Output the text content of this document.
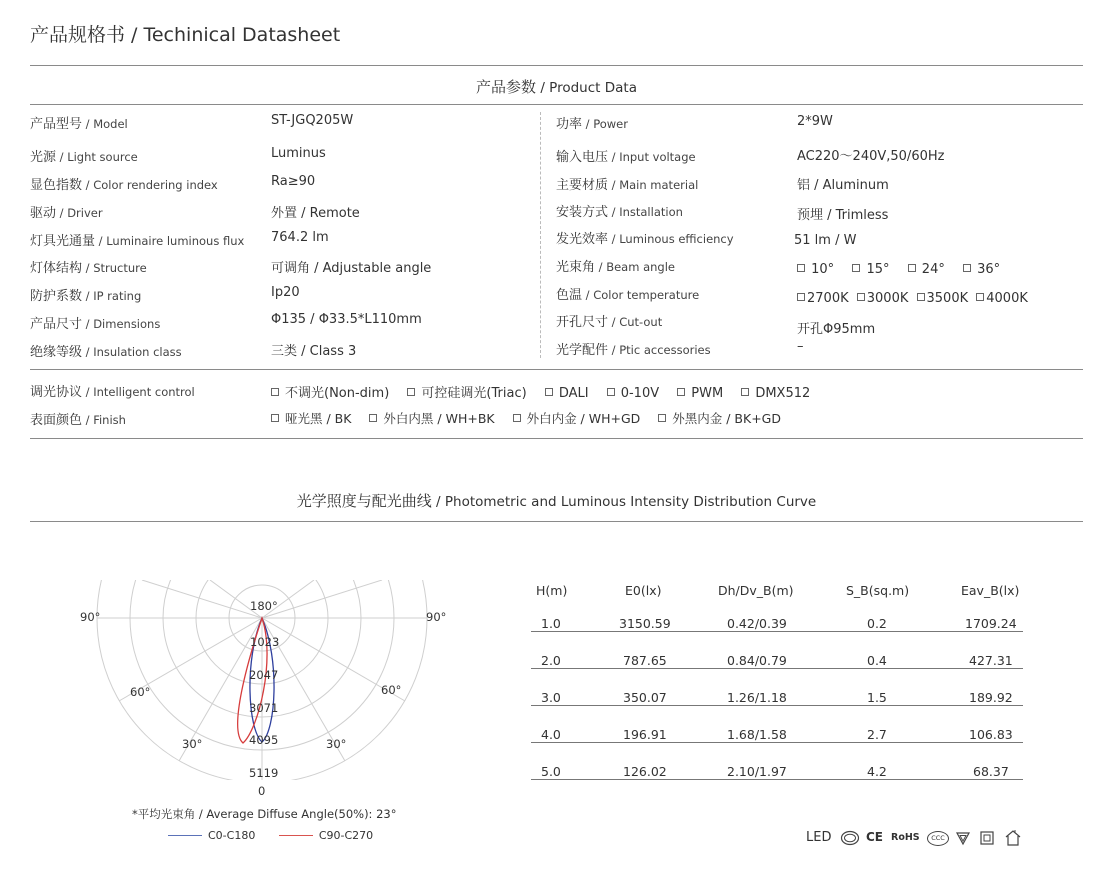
产品规格书 / Techinical Datasheet
产品参数 / Product Data
产品型号 / Model	ST-JGQ205W
光源 / Light source	Luminus
显色指数 / Color rendering index	Ra≥90
驱动 / Driver	外置 / Remote
灯具光通量 / Luminaire luminous flux 764.2 lm
灯体结构 / Structure	可调角 / Adjustable angle
防护系数 / IP rating	Ip20
产品尺寸 / Dimensions	Φ135 / Φ33.5*L110mm
绝缘等级 / Insulation class	三类 / Class 3
功率 / Power	2*9W
输入电压 / Input voltage	AC220～240V,50/60Hz
主要材质 / Main material	铝 / Aluminum
安装方式 / Installation	预埋 / Trimless
发光效率 / Luminous efficiency	51 lm / W
光束角 / Beam angle	10° 15° 24° 36°
色温 / Color temperature	2700K 3000K 3500K 4000K
开孔尺寸 / Cut-out	开孔Φ95mm
光学配件 / Ptic accessories	–
调光协议 / Intelligent control	不调光(Non-dim) 可控硅调光(Triac) DALI 0-10V PWM DMX512
表面颜色 / Finish	哑光黑 / BK	外白内黑 / WH+BK	外白内金 / WH+GD	外黑内金 / BK+GD
光学照度与配光曲线 / Photometric and Luminous Intensity Distribution Curve
180°
90°	90°
60°	60°
30°	30°
0
1023
2047
3071
4095
5119
*平均光束角 / Average Diffuse Angle(50%): 23°
C0-C180	C90-C270
H(m)	E0(lx)	Dh/Dv_B(m)	S_B(sq.m)	Eav_B(lx)
1.0	3150.59	0.42/0.39	0.2	1709.24
2.0	787.65	0.84/0.79	0.4	427.31
3.0	350.07	1.26/1.18	1.5	189.92
4.0	196.91	1.68/1.58	2.7	106.83
5.0	126.02	2.10/1.97	4.2	68.37
LED	CE RoHS	CCC
